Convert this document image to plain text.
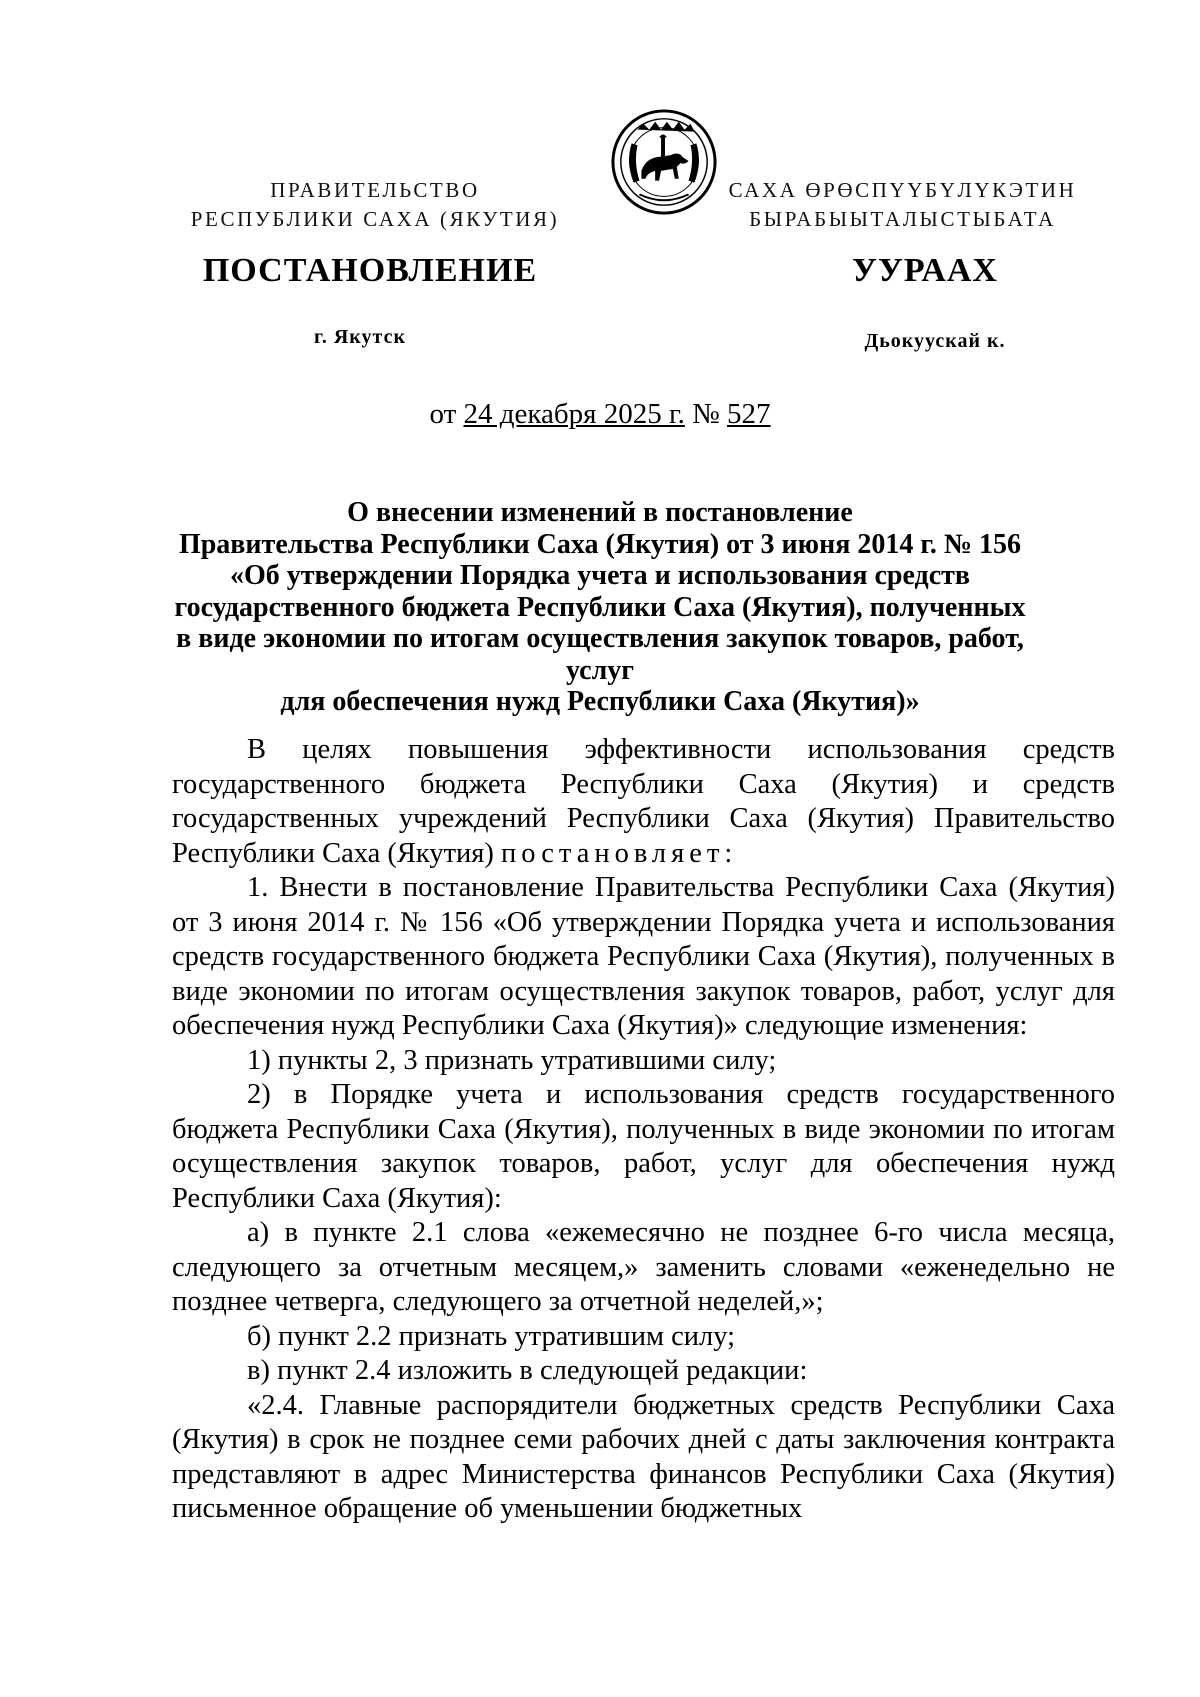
ПРАВИТЕЛЬСТВО
РЕСПУБЛИКИ САХА (ЯКУТИЯ)
САХА ӨРӨСПҮҮБҮЛҮКЭТИН
БЫРАБЫЫТАЛЫСТЫБАТА
ПОСТАНОВЛЕНИЕ	УУРААХ
г. Якутск	Дьокуускай к.
от 24 декабря 2025 г. № 527
О внесении изменений в постановление
Правительства Республики Саха (Якутия) от 3 июня 2014 г. № 156
«Об утверждении Порядка учета и использования средств
государственного бюджета Республики Саха (Якутия), полученных
в виде экономии по итогам осуществления закупок товаров, работ, услуг
для обеспечения нужд Республики Саха (Якутия)»

В целях повышения эффективности использования средств государственного бюджета Республики Саха (Якутия) и средств государственных учреждений Республики Саха (Якутия) Правительство Республики Саха (Якутия) постановляет:

1. Внести в постановление Правительства Республики Саха (Якутия) от 3 июня 2014 г. № 156 «Об утверждении Порядка учета и использования средств государственного бюджета Республики Саха (Якутия), полученных в виде экономии по итогам осуществления закупок товаров, работ, услуг для обеспечения нужд Республики Саха (Якутия)» следующие изменения:

1) пункты 2, 3 признать утратившими силу;

2) в Порядке учета и использования средств государственного бюджета Республики Саха (Якутия), полученных в виде экономии по итогам осуществления закупок товаров, работ, услуг для обеспечения нужд Республики Саха (Якутия):

а) в пункте 2.1 слова «ежемесячно не позднее 6-го числа месяца, следующего за отчетным месяцем,» заменить словами «еженедельно не позднее четверга, следующего за отчетной неделей,»;

б) пункт 2.2 признать утратившим силу;

в) пункт 2.4 изложить в следующей редакции:

«2.4. Главные распорядители бюджетных средств Республики Саха (Якутия) в срок не позднее семи рабочих дней с даты заключения контракта представляют в адрес Министерства финансов Республики Саха (Якутия) письменное обращение об уменьшении бюджетных
